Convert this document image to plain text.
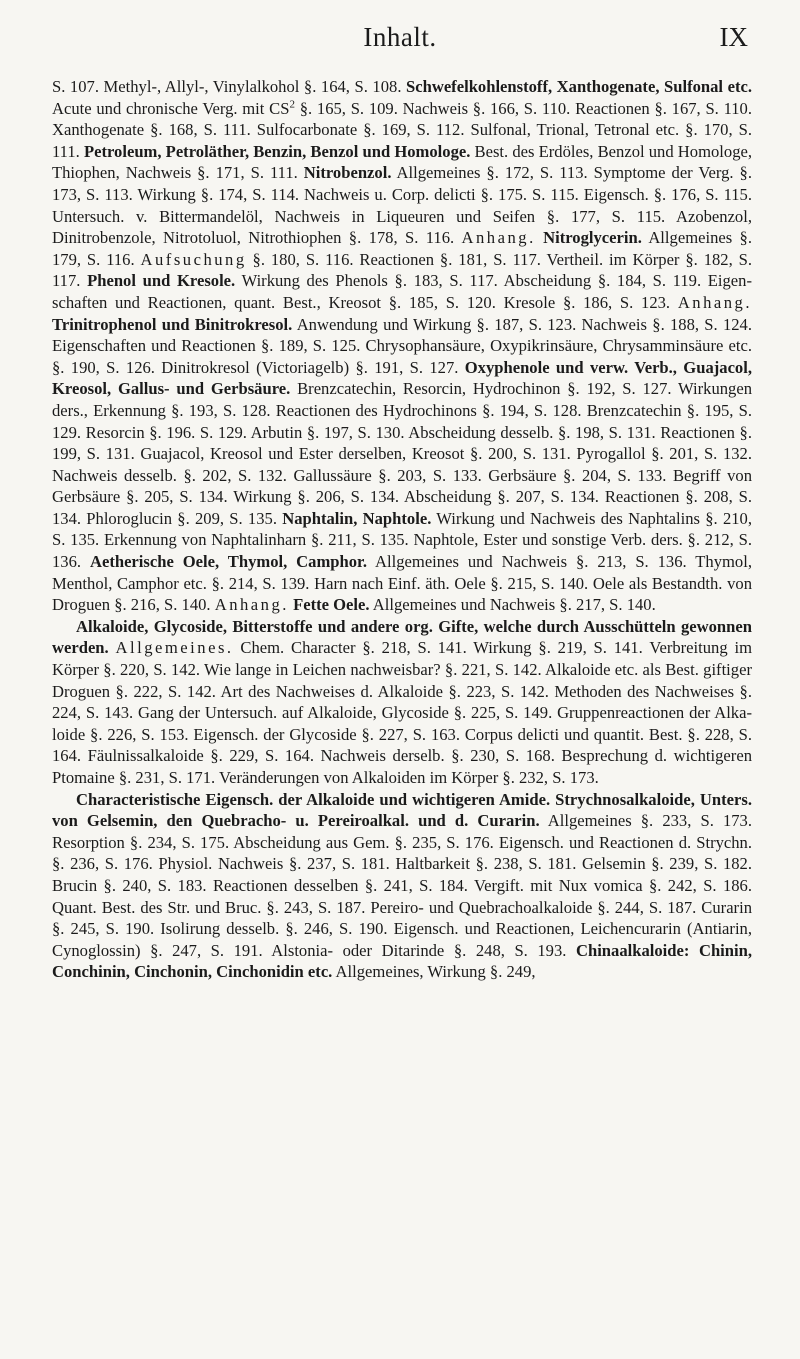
Inhalt.	IX

S. 107. Methyl-, Allyl-, Vinylalkohol §. 164, S. 108. Schwefelkohlenstoff, Xanthogenate, Sulfonal etc. Acute und chronische Verg. mit $CS^2$ §. 165, S. 109. Nachweis §. 166, S. 110. Reactionen §. 167, S. 110. Xanthogenate §. 168, S. 111. Sulfocarbonate §. 169, S. 112. Sulfonal, Trional, Tetronal etc. §. 170, S. 111. Petroleum, Petroläther, Benzin, Benzol und Homologe. Best. des Erdöles, Benzol und Homologe, Thiophen, Nachweis §. 171, S. 111. Nitrobenzol. Allgemeines §. 172, S. 113. Symptome der Verg. §. 173, S. 113. Wirkung §. 174, S. 114. Nachweis u. Corp. delicti §. 175. S. 115. Eigensch. §. 176, S. 115. Untersuch. v. Bittermandelöl, Nachweis in Liqueuren und Seifen §. 177, S. 115. Azobenzol, Dinitrobenzole, Nitrotoluol, Nitrothiophen §. 178, S. 116. Anhang. Nitroglycerin. Allgemeines §. 179, S. 116. Aufsuchung §. 180, S. 116. Reactionen §. 181, S. 117. Vertheil. im Körper §. 182, S. 117. Phenol und Kresole. Wirkung des Phenols §. 183, S. 117. Abscheidung §. 184, S. 119. Eigenschaften und Reactionen, quant. Best., Kreosot §. 185, S. 120. Kresole §. 186, S. 123. Anhang. Trinitrophenol und Binitrokresol. Anwendung und Wirkung §. 187, S. 123. Nachweis §. 188, S. 124. Eigenschaften und Reactionen §. 189, S. 125. Chrysophansäure, Oxypikrinsäure, Chrysamminsäure etc. §. 190, S. 126. Dinitrokresol (Victoriagelb) §. 191, S. 127. Oxyphenole und verw. Verb., Guajacol, Kreosol, Gallus- und Gerbsäure. Brenzcatechin, Resorcin, Hydrochinon §. 192, S. 127. Wirkungen ders., Erkennung §. 193, S. 128. Reactionen des Hydrochinons §. 194, S. 128. Brenzcatechin §. 195, S. 129. Resorcin §. 196. S. 129. Arbutin §. 197, S. 130. Abscheidung desselb. §. 198, S. 131. Reactionen §. 199, S. 131. Guajacol, Kreosol und Ester derselben, Kreosot §. 200, S. 131. Pyrogallol §. 201, S. 132. Nachweis desselb. §. 202, S. 132. Gallussäure §. 203, S. 133. Gerbsäure §. 204, S. 133. Begriff von Gerbsäure §. 205, S. 134. Wirkung §. 206, S. 134. Abscheidung §. 207, S. 134. Reactionen §. 208, S. 134. Phloroglucin §. 209, S. 135. Naphtalin, Naphtole. Wirkung und Nachweis des Naphtalins §. 210, S. 135. Erkennung von Naphtalinharn §. 211, S. 135. Naphtole, Ester und sonstige Verb. ders. §. 212, S. 136. Aetherische Oele, Thymol, Camphor. Allgemeines und Nachweis §. 213, S. 136. Thymol, Menthol, Camphor etc. §. 214, S. 139. Harn nach Einf. äth. Oele §. 215, S. 140. Oele als Bestandth. von Droguen §. 216, S. 140. Anhang. Fette Oele. Allgemeines und Nachweis §. 217, S. 140.

Alkaloide, Glycoside, Bitterstoffe und andere org. Gifte, welche durch Ausschütteln gewonnen werden. Allgemeines. Chem. Character §. 218, S. 141. Wirkung §. 219, S. 141. Verbreitung im Körper §. 220, S. 142. Wie lange in Leichen nachweisbar? §. 221, S. 142. Alkaloide etc. als Best. giftiger Droguen §. 222, S. 142. Art des Nachweises d. Alkaloide §. 223, S. 142. Methoden des Nachweises §. 224, S. 143. Gang der Untersuch. auf Alkaloide, Glycoside §. 225, S. 149. Gruppenreactionen der Alkaloide §. 226, S. 153. Eigensch. der Glycoside §. 227, S. 163. Corpus delicti und quantit. Best. §. 228, S. 164. Fäulnissalkaloide §. 229, S. 164. Nachweis derselb. §. 230, S. 168. Besprechung d. wichtigeren Ptomaine §. 231, S. 171. Veränderungen von Alkaloiden im Körper §. 232, S. 173.

Characteristische Eigensch. der Alkaloide und wichtigeren Amide. Strychnosalkaloide, Unters. von Gelsemin, den Quebracho- u. Pereiroalkal. und d. Curarin. Allgemeines §. 233, S. 173. Resorption §. 234, S. 175. Abscheidung aus Gem. §. 235, S. 176. Eigensch. und Reactionen d. Strychn. §. 236, S. 176. Physiol. Nachweis §. 237, S. 181. Haltbarkeit §. 238, S. 181. Gelsemin §. 239, S. 182. Brucin §. 240, S. 183. Reactionen desselben §. 241, S. 184. Vergift. mit Nux vomica §. 242, S. 186. Quant. Best. des Str. und Bruc. §. 243, S. 187. Pereiro- und Quebrachoalkaloide §. 244, S. 187. Curarin §. 245, S. 190. Isolirung desselb. §. 246, S. 190. Eigensch. und Reactionen, Leichencurarin (Antiarin, Cynoglossin) §. 247, S. 191. Alstonia- oder Ditarinde §. 248, S. 193. Chinaalkaloide: Chinin, Conchinin, Cinchonin, Cinchonidin etc. Allgemeines, Wirkung §. 249,
